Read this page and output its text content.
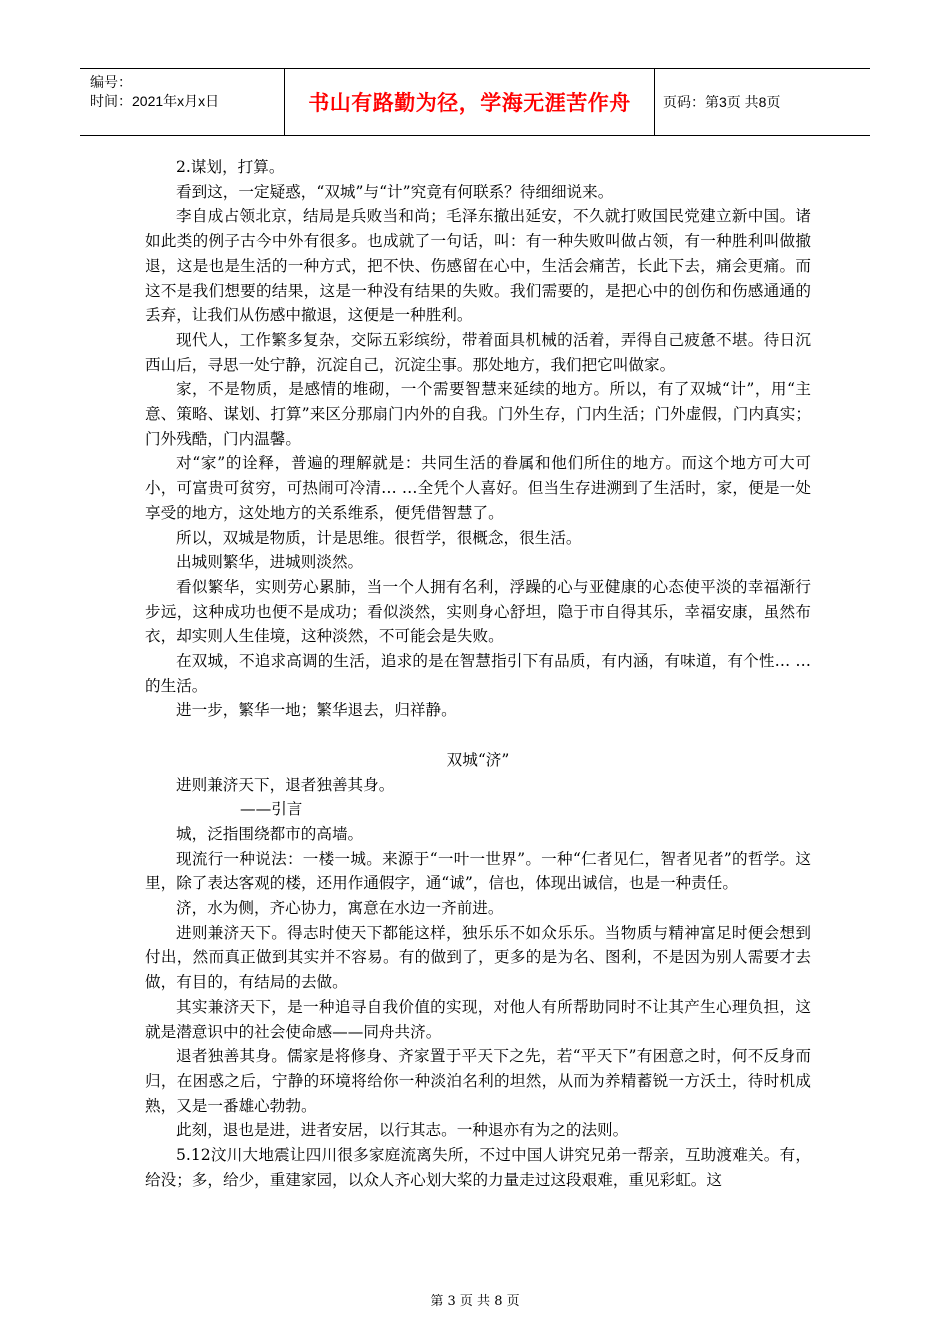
编号：
时间：2021年x月x日	书山有路勤为径，学海无涯苦作舟 页码：第3页 共8页

2.谋划，打算。

看到这，一定疑惑，“双城”与“计”究竟有何联系？待细细说来。

李自成占领北京，结局是兵败当和尚；毛泽东撤出延安，不久就打败国民党建立新中国。诸如此类的例子古今中外有很多。也成就了一句话，叫：有一种失败叫做占领，有一种胜利叫做撤退，这是也是生活的一种方式，把不快、伤感留在心中，生活会痛苦，长此下去，痛会更痛。而这不是我们想要的结果，这是一种没有结果的失败。我们需要的，是把心中的创伤和伤感通通的丢弃，让我们从伤感中撤退，这便是一种胜利。

现代人，工作繁多复杂，交际五彩缤纷，带着面具机械的活着，弄得自己疲惫不堪。待日沉西山后，寻思一处宁静，沉淀自己，沉淀尘事。那处地方，我们把它叫做家。

家，不是物质，是感情的堆砌，一个需要智慧来延续的地方。所以，有了双城“计”，用“主意、策略、谋划、打算”来区分那扇门内外的自我。门外生存，门内生活；门外虚假，门内真实；门外残酷，门内温馨。

对“家”的诠释，普遍的理解就是：共同生活的眷属和他们所住的地方。而这个地方可大可小，可富贵可贫穷，可热闹可冷清… …全凭个人喜好。但当生存进溯到了生活时，家，便是一处享受的地方，这处地方的关系维系，便凭借智慧了。

所以，双城是物质，计是思维。很哲学，很概念，很生活。

出城则繁华，进城则淡然。

看似繁华，实则劳心累肺，当一个人拥有名利，浮躁的心与亚健康的心态使平淡的幸福渐行步远，这种成功也便不是成功；看似淡然，实则身心舒坦，隐于市自得其乐，幸福安康，虽然布衣，却实则人生佳境，这种淡然，不可能会是失败。

在双城，不追求高调的生活，追求的是在智慧指引下有品质，有内涵，有味道，有个性… …的生活。

进一步，繁华一地；繁华退去，归祥静。

双城“济”

进则兼济天下，退者独善其身。

——引言

城，泛指围绕都市的高墙。

现流行一种说法：一楼一城。来源于“一叶一世界”。一种“仁者见仁，智者见者”的哲学。这里，除了表达客观的楼，还用作通假字，通“诚”，信也，体现出诚信，也是一种责任。

济，水为侧，齐心协力，寓意在水边一齐前进。

进则兼济天下。得志时使天下都能这样，独乐乐不如众乐乐。当物质与精神富足时便会想到付出，然而真正做到其实并不容易。有的做到了，更多的是为名、图利，不是因为别人需要才去做，有目的，有结局的去做。

其实兼济天下，是一种追寻自我价值的实现，对他人有所帮助同时不让其产生心理负担，这就是潜意识中的社会使命感——同舟共济。

退者独善其身。儒家是将修身、齐家置于平天下之先，若“平天下”有困意之时，何不反身而归，在困惑之后，宁静的环境将给你一种淡泊名利的坦然，从而为养精蓄锐一方沃土，待时机成熟，又是一番雄心勃勃。

此刻，退也是进，进者安居，以行其志。一种退亦有为之的法则。

5.12汶川大地震让四川很多家庭流离失所，不过中国人讲究兄弟一帮亲，互助渡难关。有，给没；多，给少，重建家园，以众人齐心划大桨的力量走过这段艰难，重见彩虹。这

第 3 页 共 8 页
